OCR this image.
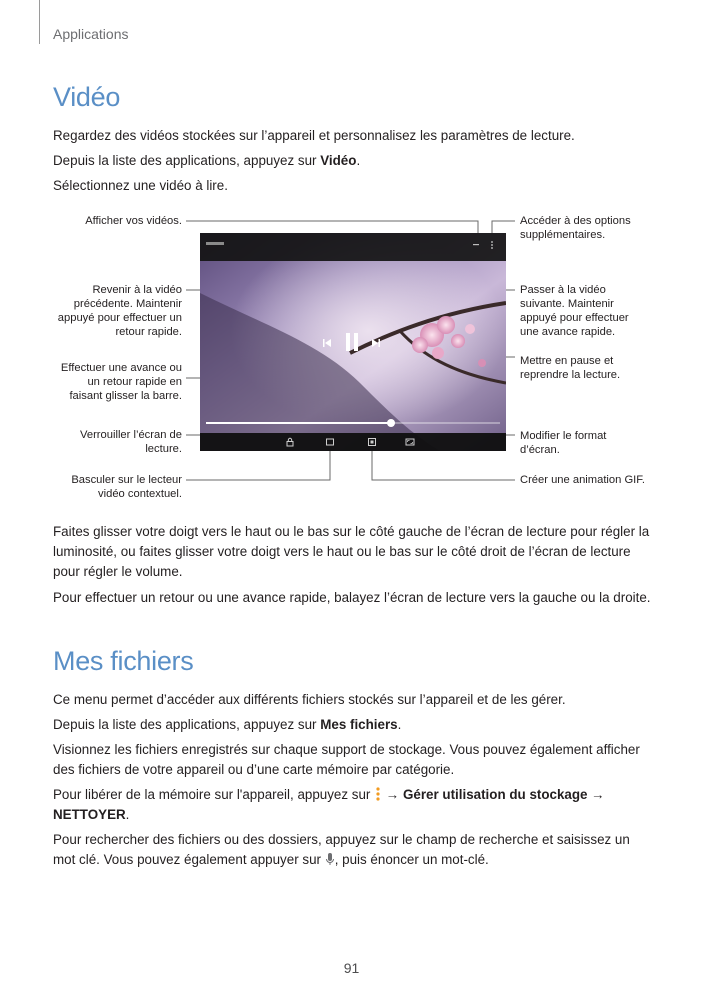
Applications
Vidéo

Regardez des vidéos stockées sur l’appareil et personnalisez les paramètres de lecture.

Depuis la liste des applications, appuyez sur Vidéo.

Sélectionnez une vidéo à lire.

Afficher vos vidéos.
Revenir à la vidéo précédente. Maintenir appuyé pour effectuer un retour rapide.
Effectuer une avance ou un retour rapide en faisant glisser la barre.
Verrouiller l’écran de lecture.
Basculer sur le lecteur vidéo contextuel.
Accéder à des options supplémentaires.
Passer à la vidéo suivante. Maintenir appuyé pour effectuer une avance rapide.
Mettre en pause et reprendre la lecture.
Modifier le format d’écran.
Créer une animation GIF.

Faites glisser votre doigt vers le haut ou le bas sur le côté gauche de l’écran de lecture pour régler la luminosité, ou faites glisser votre doigt vers le haut ou le bas sur le côté droit de l’écran de lecture pour régler le volume.

Pour effectuer un retour ou une avance rapide, balayez l’écran de lecture vers la gauche ou la droite.

Mes fichiers

Ce menu permet d’accéder aux différents fichiers stockés sur l’appareil et de les gérer.

Depuis la liste des applications, appuyez sur Mes fichiers.

Visionnez les fichiers enregistrés sur chaque support de stockage. Vous pouvez également afficher des fichiers de votre appareil ou d’une carte mémoire par catégorie.

Pour libérer de la mémoire sur l'appareil, appuyez sur  → Gérer utilisation du stockage → NETTOYER.

Pour rechercher des fichiers ou des dossiers, appuyez sur le champ de recherche et saisissez un mot clé. Vous pouvez également appuyer sur , puis énoncer un mot-clé.

91
